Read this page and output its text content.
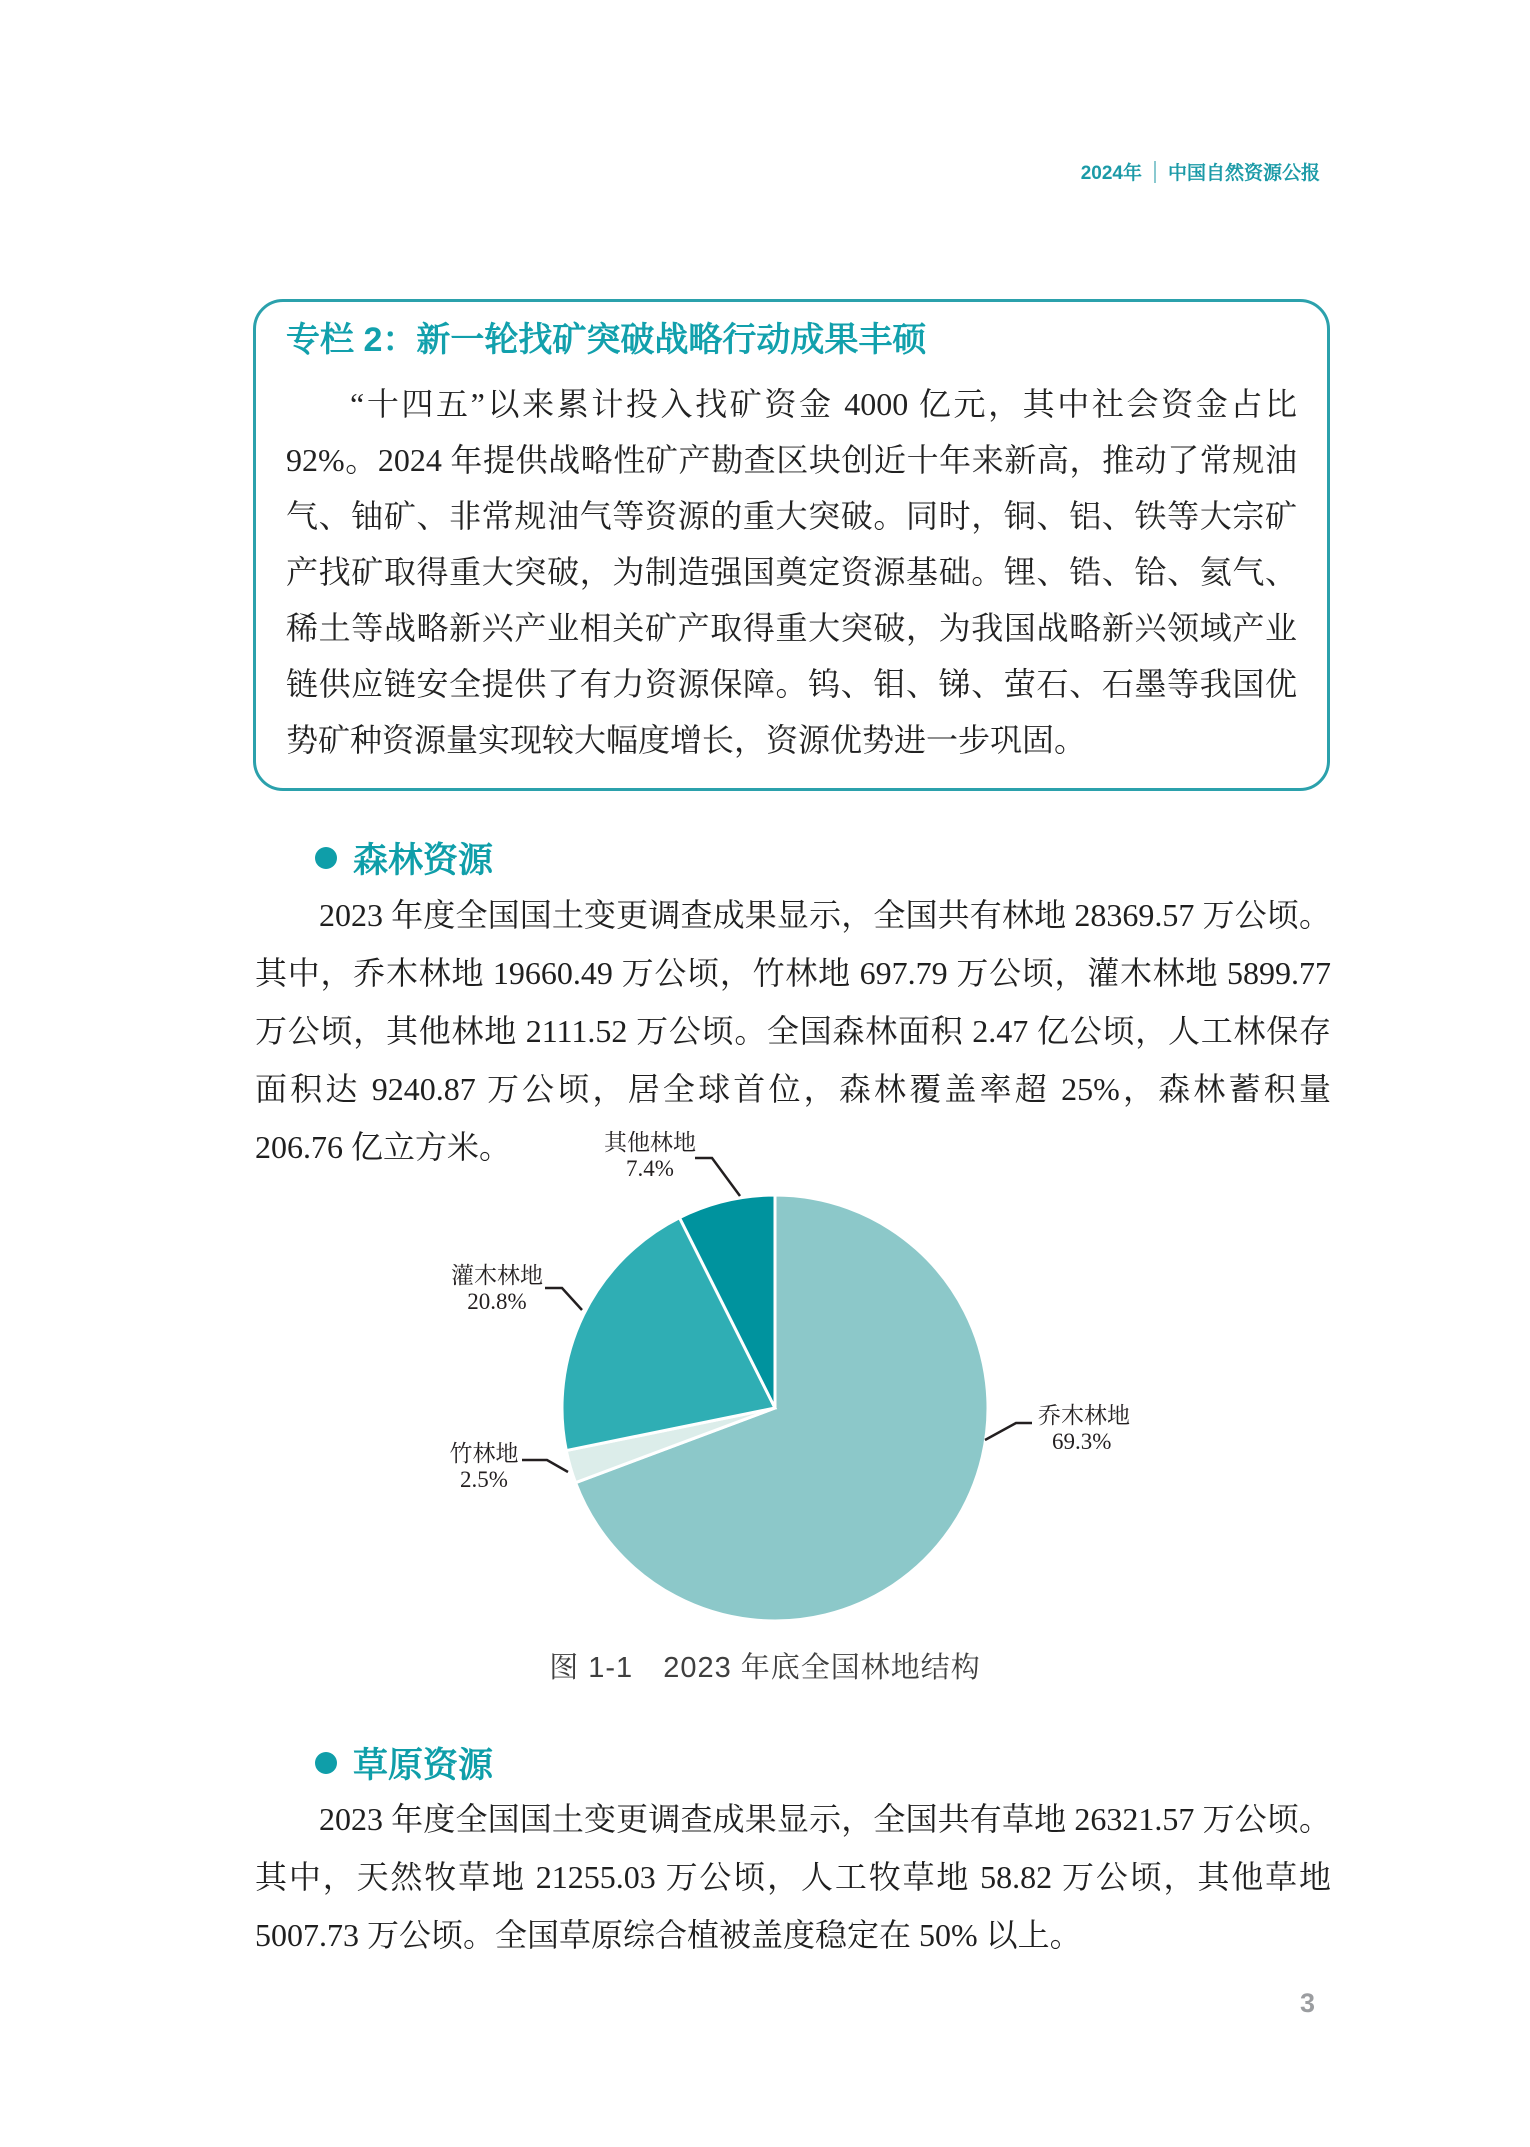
2024年 中国自然资源公报
专栏 2：新一轮找矿突破战略行动成果丰硕

“十四五”以来累计投入找矿资金 4000 亿元，其中社会资金占比 92%。2024 年提供战略性矿产勘查区块创近十年来新高，推动了常规油气、铀矿、非常规油气等资源的重大突破。同时，铜、铝、铁等大宗矿产找矿取得重大突破，为制造强国奠定资源基础。锂、锆、铪、氦气、稀土等战略新兴产业相关矿产取得重大突破，为我国战略新兴领域产业链供应链安全提供了有力资源保障。钨、钼、锑、萤石、石墨等我国优势矿种资源量实现较大幅度增长，资源优势进一步巩固。

森林资源

2023 年度全国国土变更调查成果显示，全国共有林地 28369.57 万公顷。其中，乔木林地 19660.49 万公顷，竹林地 697.79 万公顷，灌木林地 5899.77 万公顷，其他林地 2111.52 万公顷。全国森林面积 2.47 亿公顷，人工林保存面积达 9240.87 万公顷，居全球首位，森林覆盖率超 25%，森林蓄积量 206.76 亿立方米。	其他林地
7.4%
灌木林地
20.8%
竹林地
2.5%
乔木林地
69.3%
图 1-1　2023 年底全国林地结构
草原资源

2023 年度全国国土变更调查成果显示，全国共有草地 26321.57 万公顷。其中，天然牧草地 21255.03 万公顷，人工牧草地 58.82 万公顷，其他草地 5007.73 万公顷。全国草原综合植被盖度稳定在 50% 以上。

3
